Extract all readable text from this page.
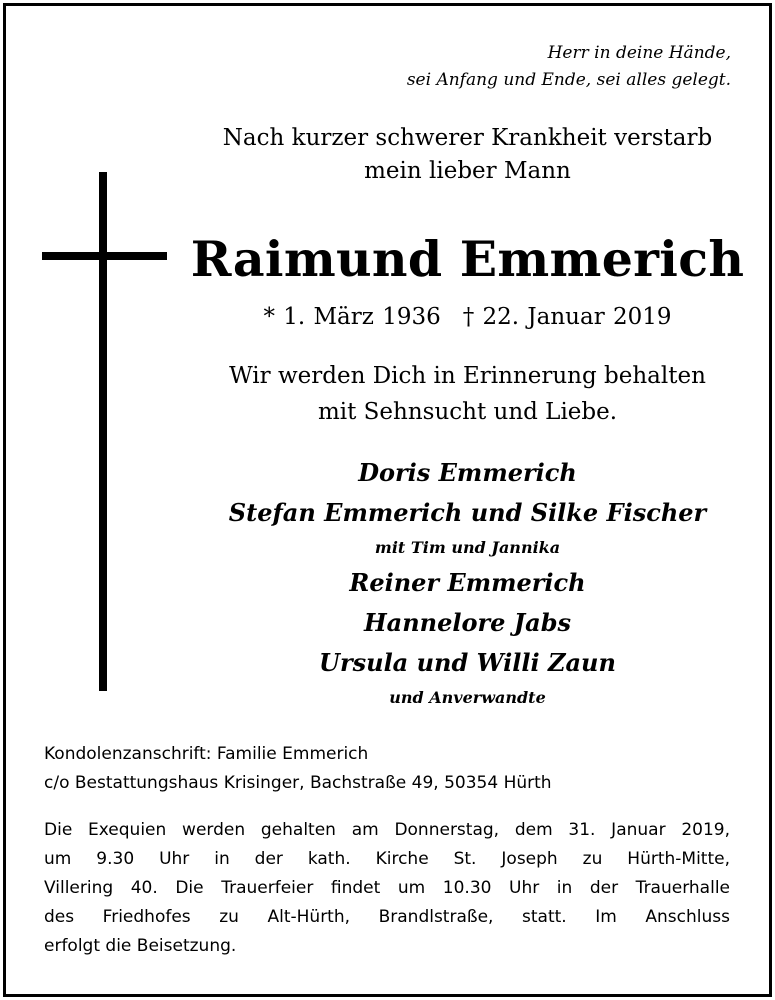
Herr in deine Hände,
sei Anfang und Ende, sei alles gelegt.
Nach kurzer schwerer Krankheit verstarb
mein lieber Mann
Raimund Emmerich
* 1. März 1936 † 22. Januar 2019
Wir werden Dich in Erinnerung behalten
mit Sehnsucht und Liebe.
Doris Emmerich
Stefan Emmerich und Silke Fischer
mit Tim und Jannika
Reiner Emmerich
Hannelore Jabs
Ursula und Willi Zaun
und Anverwandte
Kondolenzanschrift: Familie Emmerich
c/o Bestattungshaus Krisinger, Bachstraße 49, 50354 Hürth
Die Exequien werden gehalten am Donnerstag, dem 31. Januar 2019,
um 9.30 Uhr in der kath. Kirche St. Joseph zu Hürth-Mitte,
Villering 40. Die Trauerfeier findet um 10.30 Uhr in der Trauerhalle
des Friedhofes zu Alt-Hürth, Brandlstraße, statt. Im Anschluss
erfolgt die Beisetzung.
